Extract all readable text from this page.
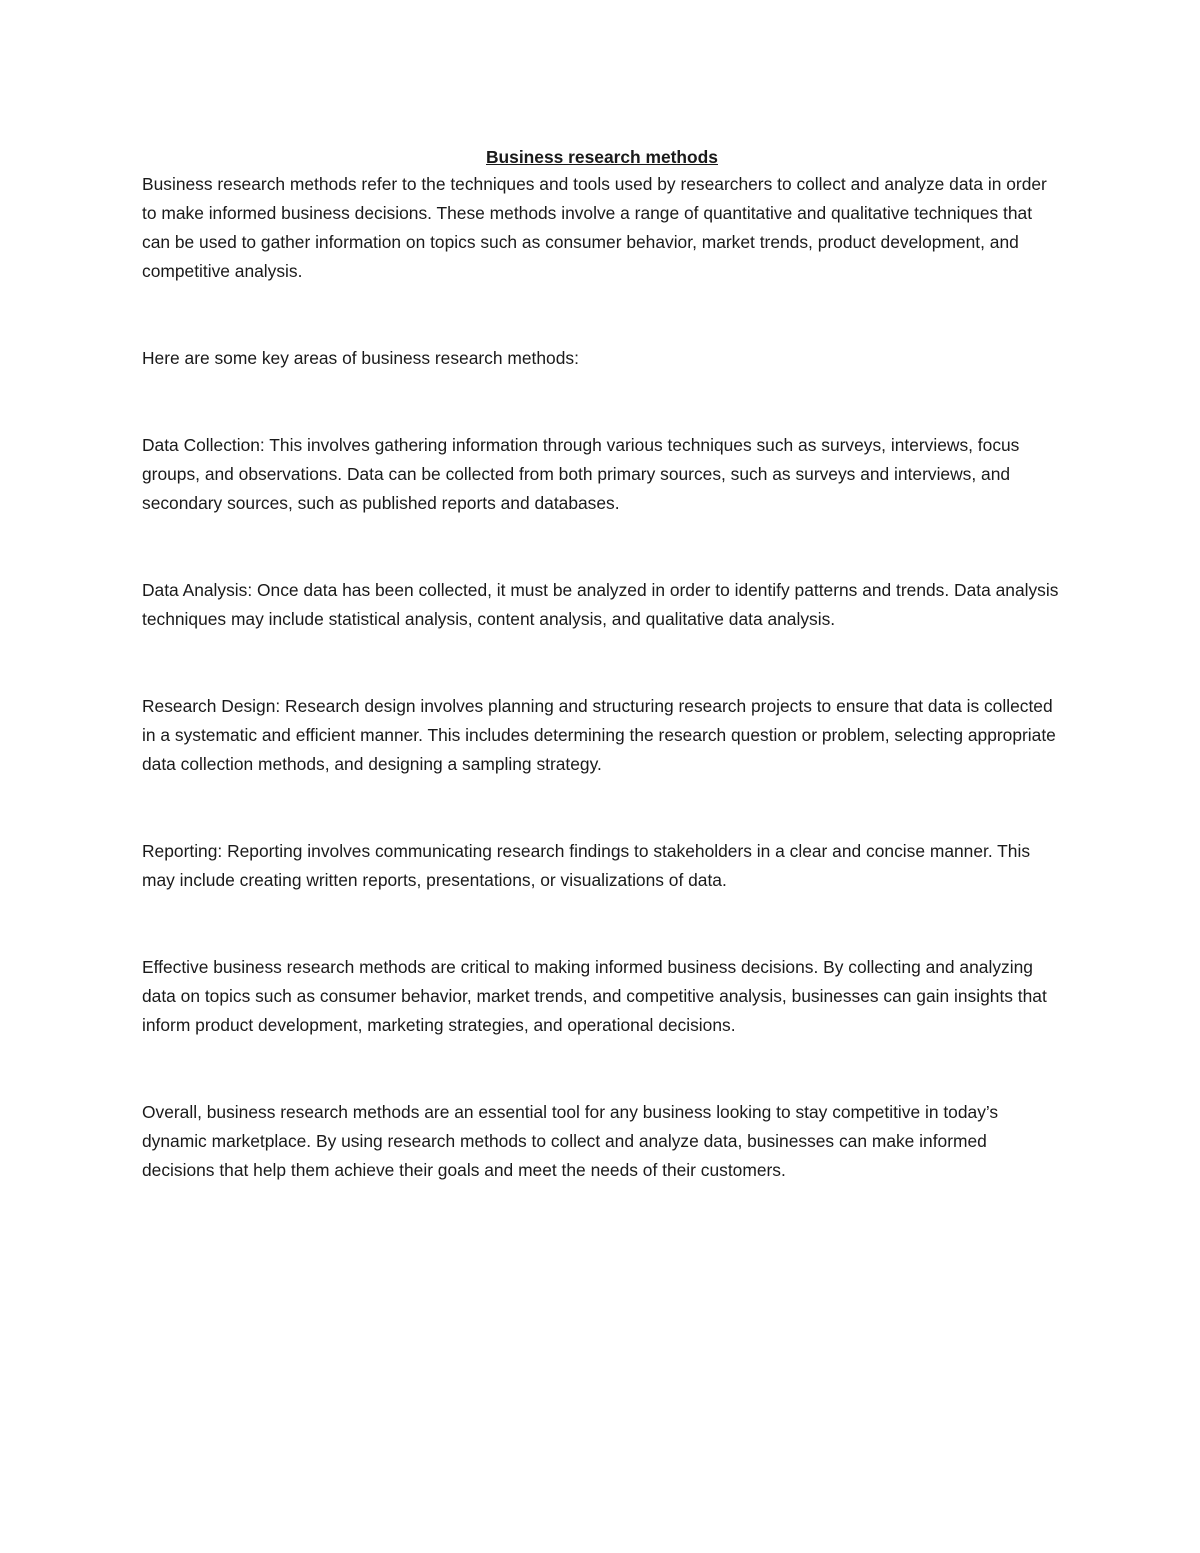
Business research methods

Business research methods refer to the techniques and tools used by researchers to collect and analyze data in order to make informed business decisions. These methods involve a range of quantitative and qualitative techniques that can be used to gather information on topics such as consumer behavior, market trends, product development, and competitive analysis.

Here are some key areas of business research methods:

Data Collection: This involves gathering information through various techniques such as surveys, interviews, focus groups, and observations. Data can be collected from both primary sources, such as surveys and interviews, and secondary sources, such as published reports and databases.

Data Analysis: Once data has been collected, it must be analyzed in order to identify patterns and trends. Data analysis techniques may include statistical analysis, content analysis, and qualitative data analysis.

Research Design: Research design involves planning and structuring research projects to ensure that data is collected in a systematic and efficient manner. This includes determining the research question or problem, selecting appropriate data collection methods, and designing a sampling strategy.

Reporting: Reporting involves communicating research findings to stakeholders in a clear and concise manner. This may include creating written reports, presentations, or visualizations of data.

Effective business research methods are critical to making informed business decisions. By collecting and analyzing data on topics such as consumer behavior, market trends, and competitive analysis, businesses can gain insights that inform product development, marketing strategies, and operational decisions.

Overall, business research methods are an essential tool for any business looking to stay competitive in today’s dynamic marketplace. By using research methods to collect and analyze data, businesses can make informed decisions that help them achieve their goals and meet the needs of their customers.
